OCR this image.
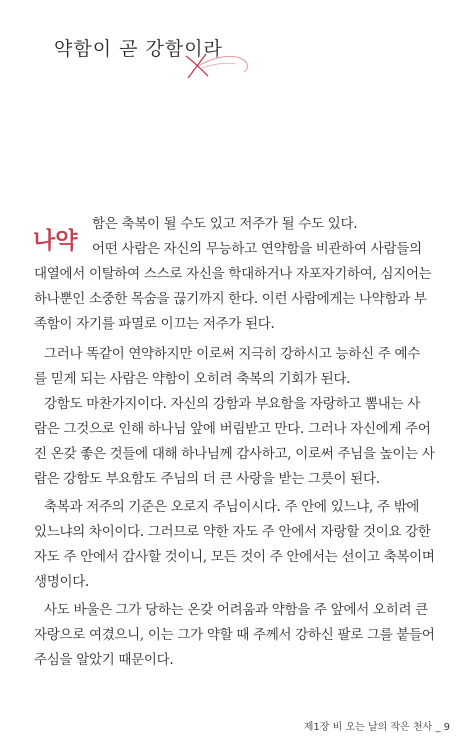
약함이 곧 강함이라
나약
함은 축복이 될 수도 있고 저주가 될 수도 있다.
어떤 사람은 자신의 무능하고 연약함을 비관하여 사람들의
대열에서 이탈하여 스스로 자신을 학대하거나 자포자기하여, 심지어는
하나뿐인 소중한 목숨을 끊기까지 한다. 이런 사람에게는 나약함과 부
족함이 자기를 파멸로 이끄는 저주가 된다.
그러나 똑같이 연약하지만 이로써 지극히 강하시고 능하신 주 예수
를 믿게 되는 사람은 약함이 오히려 축복의 기회가 된다.
강함도 마찬가지이다. 자신의 강함과 부요함을 자랑하고 뽐내는 사
람은 그것으로 인해 하나님 앞에 버림받고 만다. 그러나 자신에게 주어
진 온갖 좋은 것들에 대해 하나님께 감사하고, 이로써 주님을 높이는 사
람은 강함도 부요함도 주님의 더 큰 사랑을 받는 그릇이 된다.
축복과 저주의 기준은 오로지 주님이시다. 주 안에 있느냐, 주 밖에
있느냐의 차이이다. 그러므로 약한 자도 주 안에서 자랑할 것이요 강한
자도 주 안에서 감사할 것이니, 모든 것이 주 안에서는 선이고 축복이며
생명이다.
사도 바울은 그가 당하는 온갖 어려움과 약함을 주 앞에서 오히려 큰
자랑으로 여겼으니, 이는 그가 약할 때 주께서 강하신 팔로 그를 붙들어
주심을 알았기 때문이다.
제1장 비 오는 날의 작은 천사 _ 9
